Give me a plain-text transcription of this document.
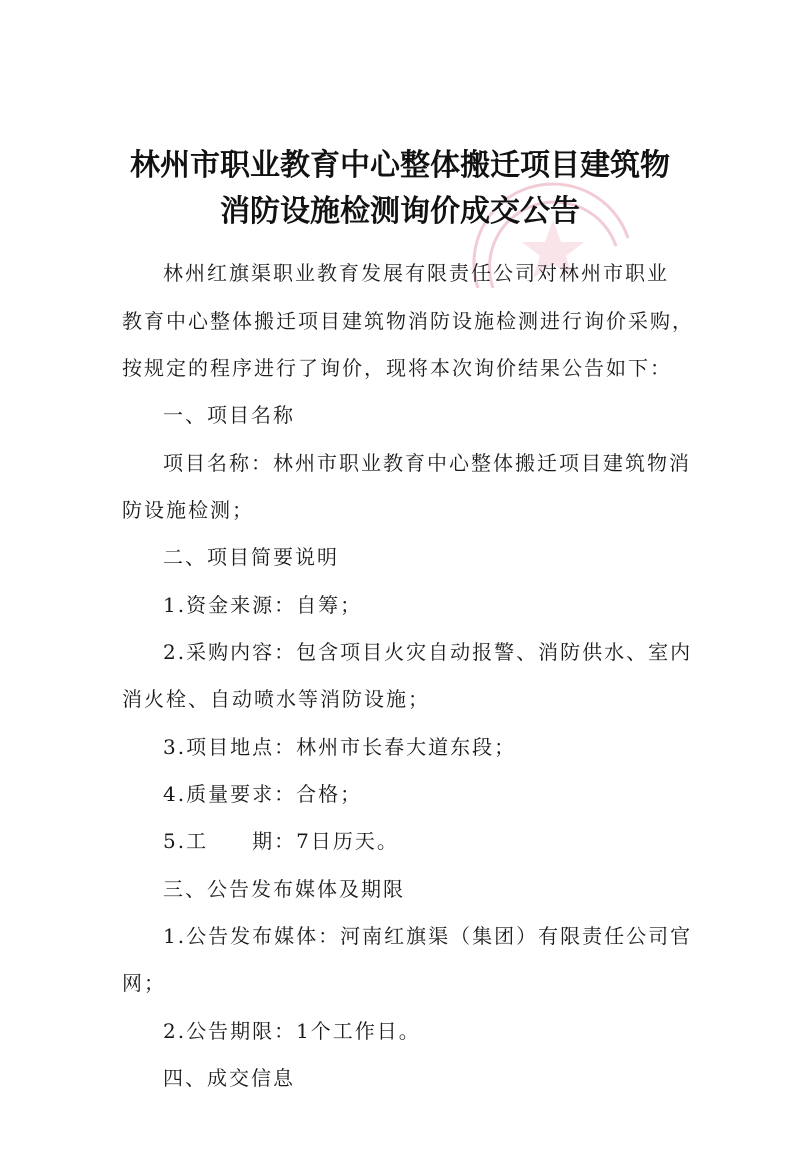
林州市职业教育中心整体搬迁项目建筑物
消防设施检测询价成交公告
林州红旗渠职业教育发展有限责任公司对林州市职业
教育中心整体搬迁项目建筑物消防设施检测进行询价采购，
按规定的程序进行了询价，现将本次询价结果公告如下：
一、项目名称
项目名称：林州市职业教育中心整体搬迁项目建筑物消
防设施检测；
二、项目简要说明
1.资金来源：自筹；
2.采购内容：包含项目火灾自动报警、消防供水、室内
消火栓、自动喷水等消防设施；
3.项目地点：林州市长春大道东段；
4.质量要求：合格；
5.工　　期：7日历天。
三、公告发布媒体及期限
1.公告发布媒体：河南红旗渠（集团）有限责任公司官
网；
2.公告期限：1个工作日。
四、成交信息
